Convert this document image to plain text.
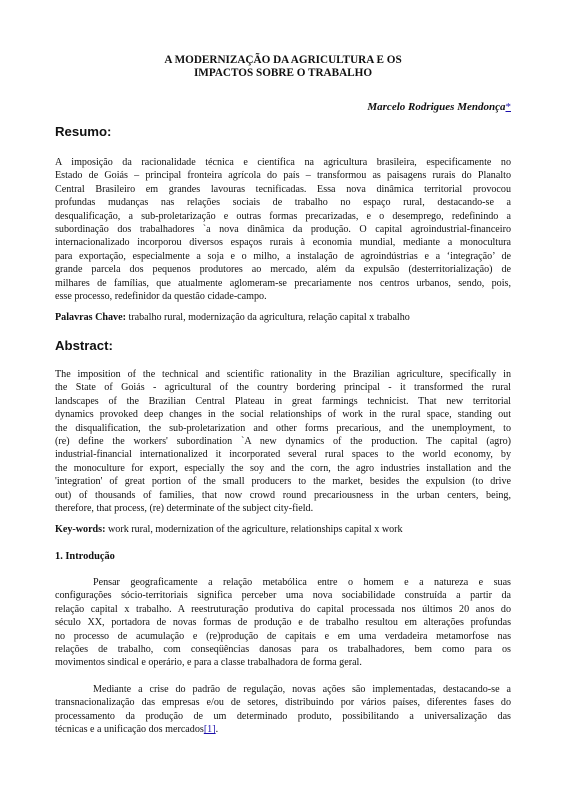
A MODERNIZAÇÃO DA AGRICULTURA E OS
IMPACTOS SOBRE O TRABALHO
Marcelo Rodrigues Mendonça*
Resumo:
A imposição da racionalidade técnica e científica na agricultura brasileira, especificamente no
Estado de Goiás – principal fronteira agrícola do país – transformou as paisagens rurais do Planalto
Central Brasileiro em grandes lavouras tecnificadas. Essa nova dinâmica territorial provocou
profundas mudanças nas relações sociais de trabalho no espaço rural, destacando-se a
desqualificação, a sub-proletarização e outras formas precarizadas, e o desemprego, redefinindo a
subordinação dos trabalhadores `a nova dinâmica da produção. O capital agroindustrial-financeiro
internacionalizado incorporou diversos espaços rurais à economia mundial, mediante a monocultura
para exportação, especialmente a soja e o milho, a instalação de agroindústrias e a ‘integração’ de
grande parcela dos pequenos produtores ao mercado, além da expulsão (desterritorialização) de
milhares de famílias, que atualmente aglomeram-se precariamente nos centros urbanos, sendo, pois,
esse processo, redefinidor da questão cidade-campo.
Palavras Chave: trabalho rural, modernização da agricultura, relação capital x trabalho
Abstract:
The imposition of the technical and scientific rationality in the Brazilian agriculture, specifically in
the State of Goiás - agricultural of the country bordering principal - it transformed the rural
landscapes of the Brazilian Central Plateau in great farmings technicist. That new territorial
dynamics provoked deep changes in the social relationships of work in the rural space, standing out
the disqualification, the sub-proletarization and other forms precarious, and the unemployment, to
(re) define the workers' subordination `A new dynamics of the production. The capital (agro)
industrial-financial internationalized it incorporated several rural spaces to the world economy, by
the monoculture for export, especially the soy and the corn, the agro industries installation and the
'integration' of great portion of the small producers to the market, besides the expulsion (to drive
out) of thousands of families, that now crowd round precariousness in the urban centers, being,
therefore, that process, (re) determinate of the subject city-field.
Key-words: work rural, modernization of the agriculture, relationships capital x work
1. Introdução
Pensar geograficamente a relação metabólica entre o homem e a natureza e suas
configurações sócio-territoriais significa perceber uma nova sociabilidade construída a partir da
relação capital x trabalho. A reestruturação produtiva do capital processada nos últimos 20 anos do
século XX, portadora de novas formas de produção e de trabalho resultou em alterações profundas
no processo de acumulação e (re)produção de capitais e em uma verdadeira metamorfose nas
relações de trabalho, com conseqüências danosas para os trabalhadores, bem como para os
movimentos sindical e operário, e para a classe trabalhadora de forma geral.
Mediante a crise do padrão de regulação, novas ações são implementadas, destacando-se a
transnacionalização das empresas e/ou de setores, distribuindo por vários países, diferentes fases do
processamento da produção de um determinado produto, possibilitando a universalização das
técnicas e a unificação dos mercados[1].
